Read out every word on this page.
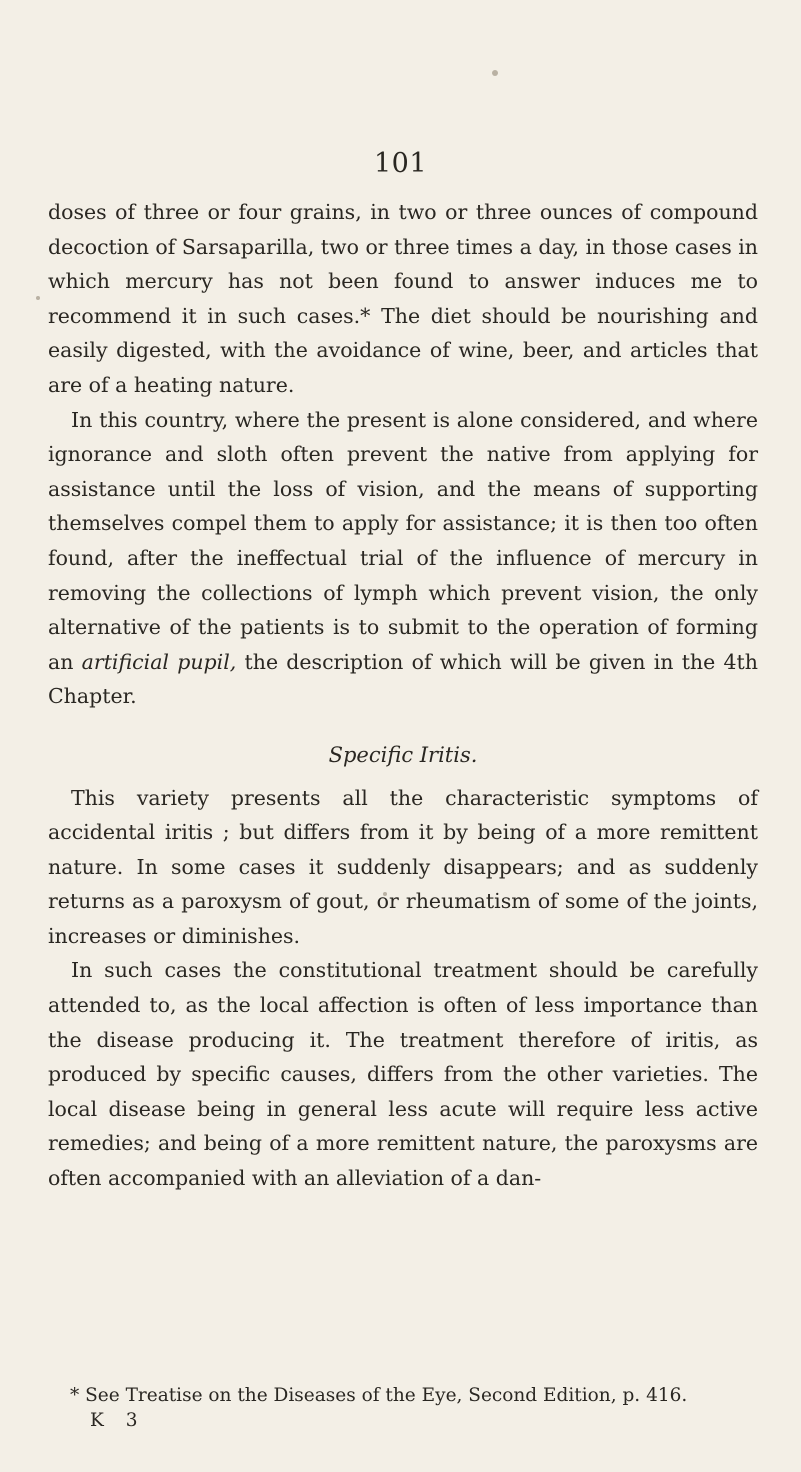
101

doses of three or four grains, in two or three ounces of compound decoction of Sarsaparilla, two or three times a day, in those cases in which mercury has not been found to answer induces me to recommend it in such cases.* The diet should be nourishing and easily digested, with the avoidance of wine, beer, and articles that are of a heating nature.

In this country, where the present is alone considered, and where ignorance and sloth often prevent the native from applying for assistance until the loss of vision, and the means of supporting themselves compel them to apply for assistance; it is then too often found, after the ineffectual trial of the influence of mercury in removing the collections of lymph which prevent vision, the only alternative of the patients is to submit to the operation of forming an artificial pupil, the description of which will be given in the 4th Chapter.

Specific Iritis.

This variety presents all the characteristic symptoms of accidental iritis ; but differs from it by being of a more remittent nature. In some cases it suddenly disappears; and as suddenly returns as a paroxysm of gout, or rheumatism of some of the joints, increases or diminishes.

In such cases the constitutional treatment should be carefully attended to, as the local affection is often of less importance than the disease producing it. The treatment therefore of iritis, as produced by specific causes, differs from the other varieties. The local disease being in general less acute will require less active remedies; and being of a more remittent nature, the paroxysms are often accompanied with an alleviation of a dan-

* See Treatise on the Diseases of the Eye, Second Edition, p. 416.
K 3
